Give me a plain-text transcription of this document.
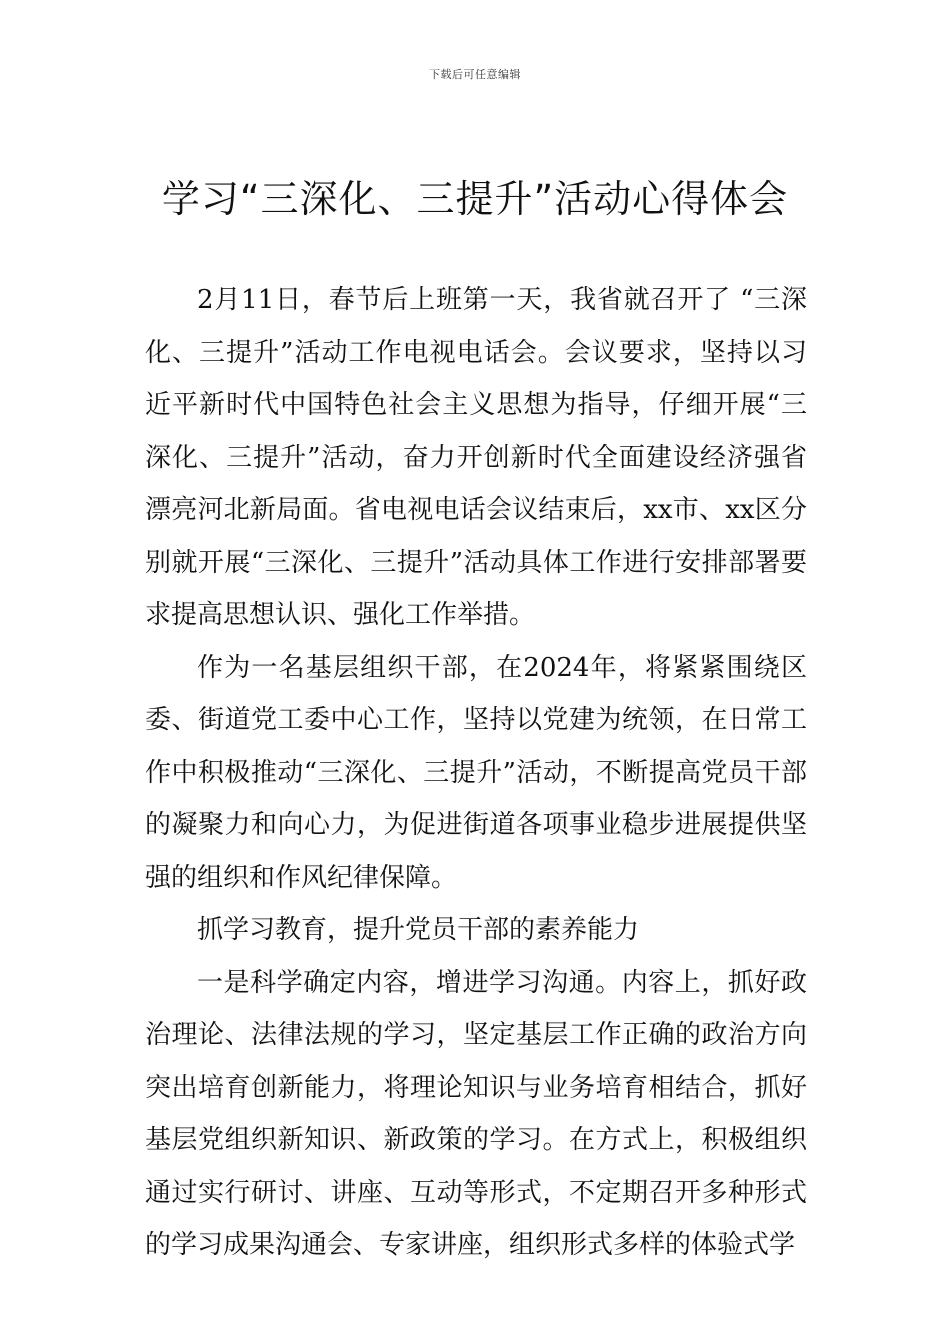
下载后可任意编辑
学习“三深化、三提升”活动心得体会

2月11日，春节后上班第一天，我省就召开了 “三深化、三提升”活动工作电视电话会。会议要求，坚持以习近平新时代中国特色社会主义思想为指导，仔细开展“三深化、三提升”活动，奋力开创新时代全面建设经济强省漂亮河北新局面。省电视电话会议结束后，xx市、xx区分别就开展“三深化、三提升”活动具体工作进行安排部署要求提高思想认识、强化工作举措。

作为一名基层组织干部，在2024年，将紧紧围绕区委、街道党工委中心工作，坚持以党建为统领，在日常工作中积极推动“三深化、三提升”活动，不断提高党员干部的凝聚力和向心力，为促进街道各项事业稳步进展提供坚强的组织和作风纪律保障。

抓学习教育，提升党员干部的素养能力

一是科学确定内容，增进学习沟通。内容上，抓好政治理论、法律法规的学习，坚定基层工作正确的政治方向突出培育创新能力，将理论知识与业务培育相结合，抓好基层党组织新知识、新政策的学习。在方式上，积极组织通过实行研讨、讲座、互动等形式，不定期召开多种形式的学习成果沟通会、专家讲座，组织形式多样的体验式学
